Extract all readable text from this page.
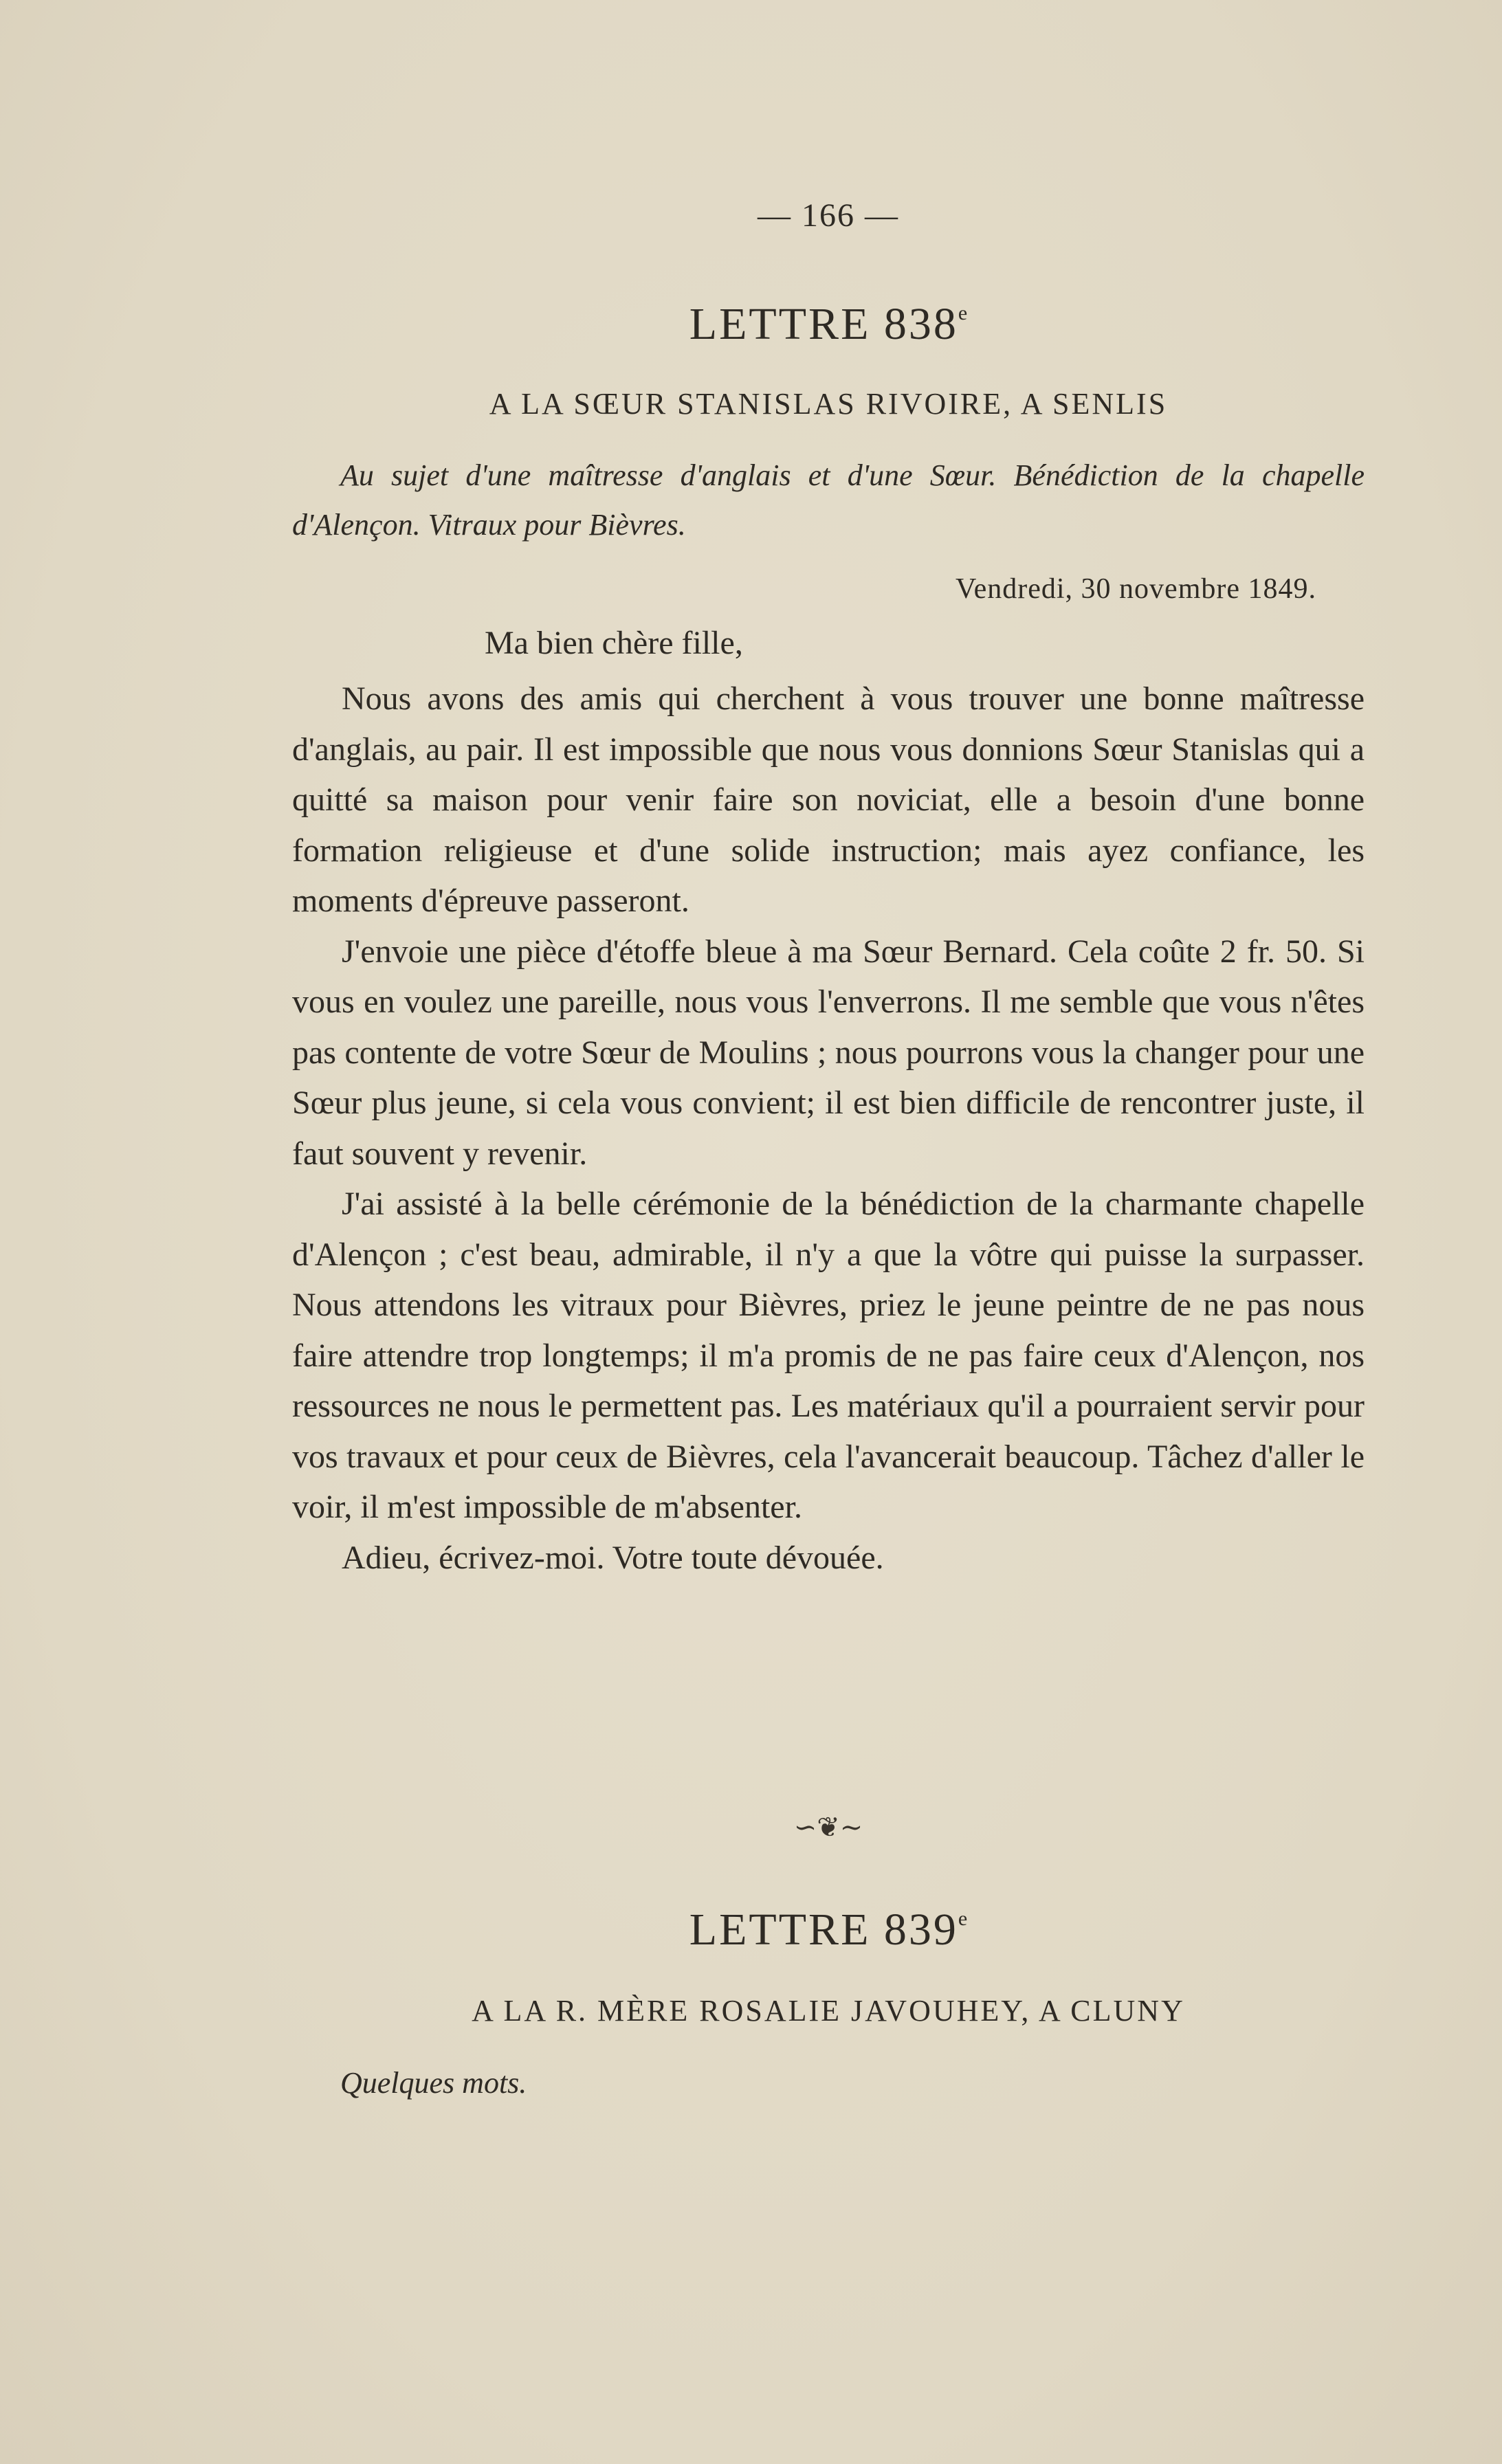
— 166 —
LETTRE 838e
A LA SŒUR STANISLAS RIVOIRE, A SENLIS
Au sujet d'une maîtresse d'anglais et d'une Sœur. Bénédiction de la chapelle d'Alençon. Vitraux pour Bièvres.
Vendredi, 30 novembre 1849.
Ma bien chère fille,

Nous avons des amis qui cherchent à vous trouver une bonne maîtresse d'anglais, au pair. Il est impossible que nous vous donnions Sœur Stanislas qui a quitté sa maison pour venir faire son noviciat, elle a besoin d'une bonne formation religieuse et d'une solide instruction; mais ayez confiance, les moments d'épreuve passeront.

J'envoie une pièce d'étoffe bleue à ma Sœur Bernard. Cela coûte 2 fr. 50. Si vous en voulez une pareille, nous vous l'enverrons. Il me semble que vous n'êtes pas contente de votre Sœur de Moulins ; nous pourrons vous la changer pour une Sœur plus jeune, si cela vous convient; il est bien difficile de rencontrer juste, il faut souvent y revenir.

J'ai assisté à la belle cérémonie de la bénédiction de la charmante chapelle d'Alençon ; c'est beau, admirable, il n'y a que la vôtre qui puisse la surpasser. Nous attendons les vitraux pour Bièvres, priez le jeune peintre de ne pas nous faire attendre trop longtemps; il m'a promis de ne pas faire ceux d'Alençon, nos ressources ne nous le permettent pas. Les matériaux qu'il a pourraient servir pour vos travaux et pour ceux de Bièvres, cela l'avancerait beaucoup. Tâchez d'aller le voir, il m'est impossible de m'absenter.

Adieu, écrivez-moi. Votre toute dévouée.

∽❦∼
LETTRE 839e
A LA R. MÈRE ROSALIE JAVOUHEY, A CLUNY
Quelques mots.
